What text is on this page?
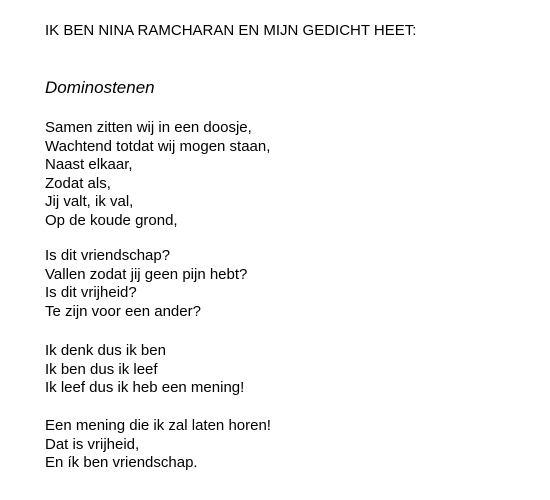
IK BEN NINA RAMCHARAN EN MIJN GEDICHT HEET:
Dominostenen
Samen zitten wij in een doosje,
Wachtend totdat wij mogen staan,
Naast elkaar,
Zodat als,
Jij valt, ik val,
Op de koude grond,
Is dit vriendschap?
Vallen zodat jij geen pijn hebt?
Is dit vrijheid?
Te zijn voor een ander?
Ik denk dus ik ben
Ik ben dus ik leef
Ik leef dus ik heb een mening!
Een mening die ik zal laten horen!
Dat is vrijheid,
En ík ben vriendschap.
